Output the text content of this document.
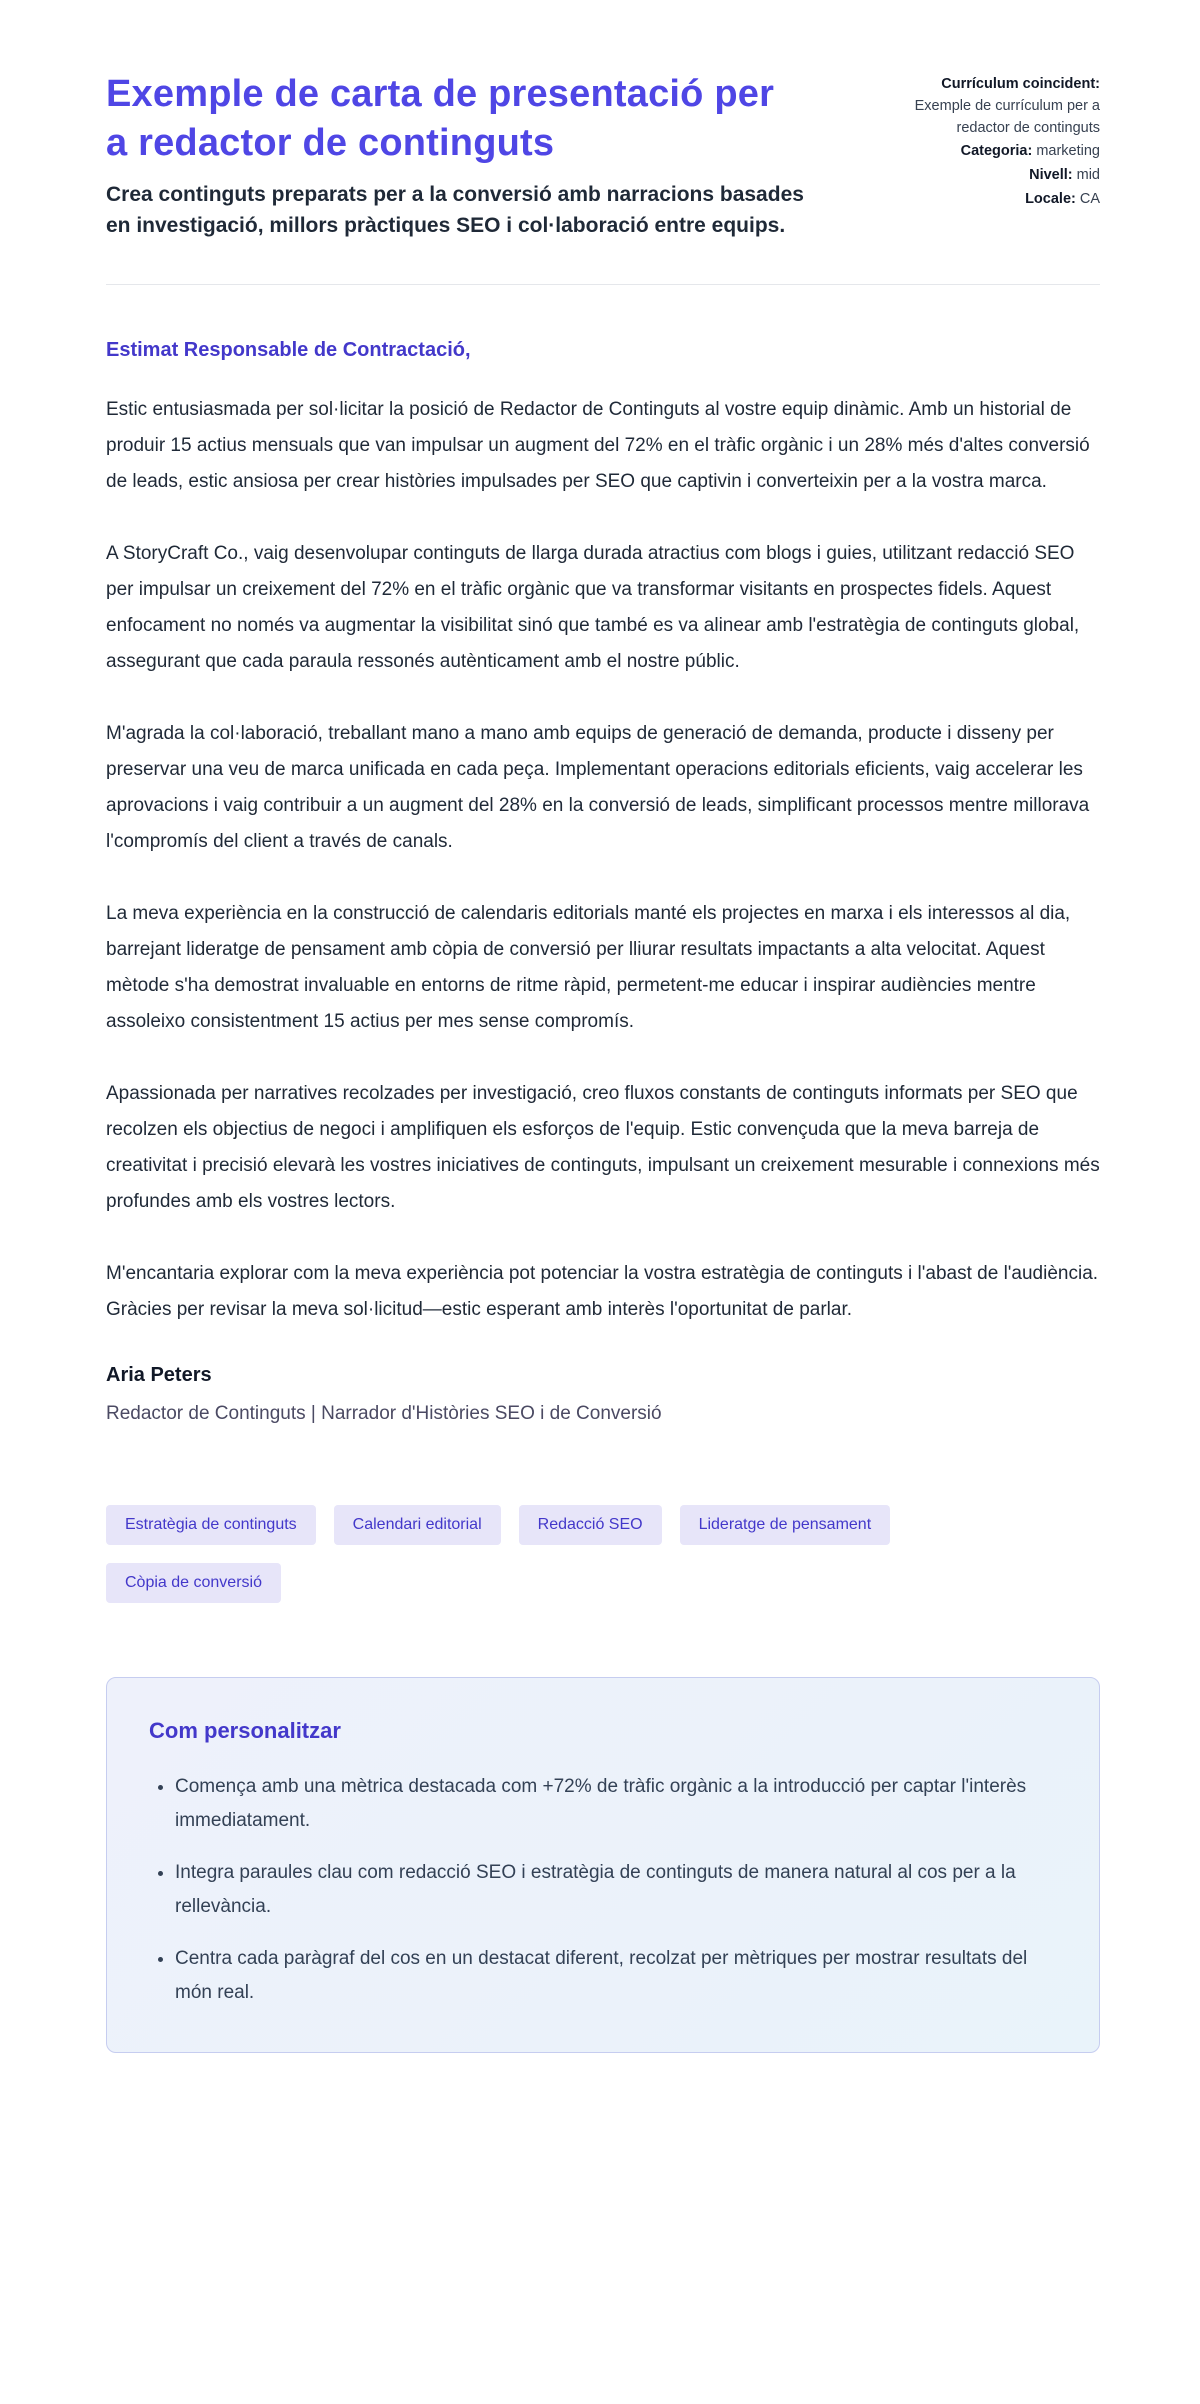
Exemple de carta de presentació per a redactor de continguts
Crea continguts preparats per a la conversió amb narracions basades en investigació, millors pràctiques SEO i col·laboració entre equips.
Currículum coincident:
Exemple de currículum per a redactor de continguts
Categoria: marketing
Nivell: mid
Locale: CA
Estimat Responsable de Contractació,

Estic entusiasmada per sol·licitar la posició de Redactor de Continguts al vostre equip dinàmic. Amb un historial de produir 15 actius mensuals que van impulsar un augment del 72% en el tràfic orgànic i un 28% més d'altes conversió de leads, estic ansiosa per crear històries impulsades per SEO que captivin i converteixin per a la vostra marca.

A StoryCraft Co., vaig desenvolupar continguts de llarga durada atractius com blogs i guies, utilitzant redacció SEO per impulsar un creixement del 72% en el tràfic orgànic que va transformar visitants en prospectes fidels. Aquest enfocament no només va augmentar la visibilitat sinó que també es va alinear amb l'estratègia de continguts global, assegurant que cada paraula ressonés autènticament amb el nostre públic.

M'agrada la col·laboració, treballant mano a mano amb equips de generació de demanda, producte i disseny per preservar una veu de marca unificada en cada peça. Implementant operacions editorials eficients, vaig accelerar les aprovacions i vaig contribuir a un augment del 28% en la conversió de leads, simplificant processos mentre millorava l'compromís del client a través de canals.

La meva experiència en la construcció de calendaris editorials manté els projectes en marxa i els interessos al dia, barrejant lideratge de pensament amb còpia de conversió per lliurar resultats impactants a alta velocitat. Aquest mètode s'ha demostrat invaluable en entorns de ritme ràpid, permetent-me educar i inspirar audiències mentre assoleixo consistentment 15 actius per mes sense compromís.

Apassionada per narratives recolzades per investigació, creo fluxos constants de continguts informats per SEO que recolzen els objectius de negoci i amplifiquen els esforços de l'equip. Estic convençuda que la meva barreja de creativitat i precisió elevarà les vostres iniciatives de continguts, impulsant un creixement mesurable i connexions més profundes amb els vostres lectors.

M'encantaria explorar com la meva experiència pot potenciar la vostra estratègia de continguts i l'abast de l'audiència. Gràcies per revisar la meva sol·licitud—estic esperant amb interès l'oportunitat de parlar.

Aria Peters
Redactor de Continguts | Narrador d'Històries SEO i de Conversió
Estratègia de continguts	Calendari editorial	Redacció SEO	Lideratge de pensament
Còpia de conversió
Com personalitzar
• Comença amb una mètrica destacada com +72% de tràfic orgànic a la introducció per captar l'interès immediatament.
• Integra paraules clau com redacció SEO i estratègia de continguts de manera natural al cos per a la rellevància.
• Centra cada paràgraf del cos en un destacat diferent, recolzat per mètriques per mostrar resultats del món real.
